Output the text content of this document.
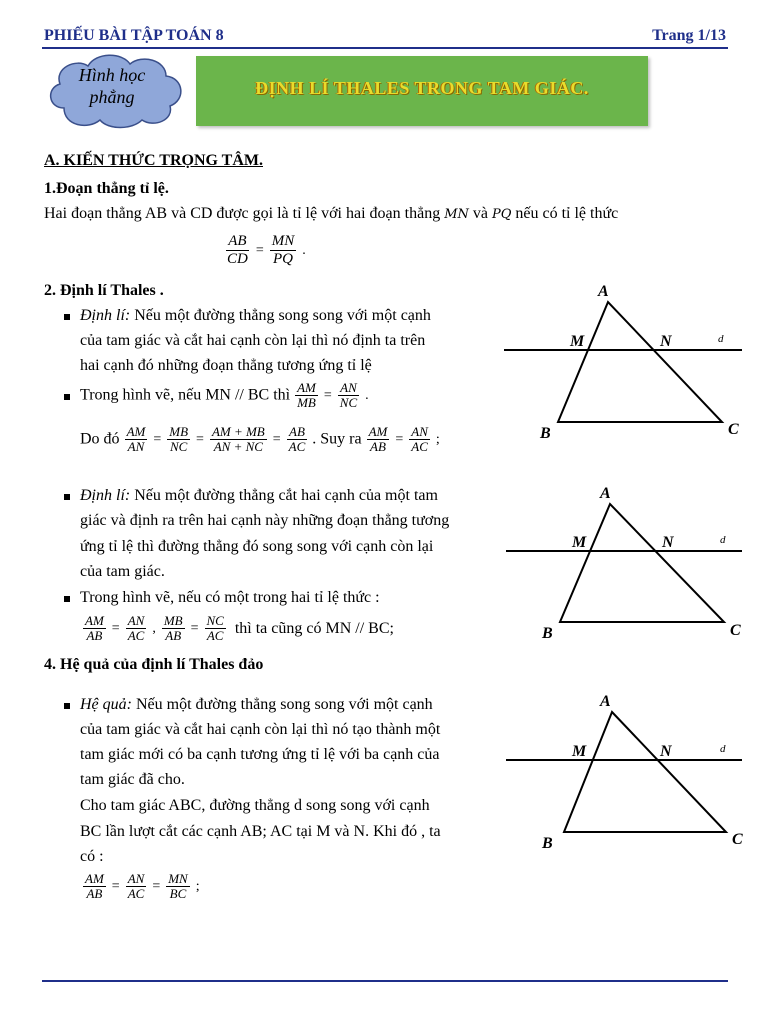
PHIẾU BÀI TẬP TOÁN 8	Trang 1/13
Hình học
phẳng	ĐỊNH LÍ THALES TRONG TAM GIÁC.
A. KIẾN THỨC TRỌNG TÂM.
1.Đoạn thẳng tỉ lệ.
Hai đoạn thẳng AB và CD được gọi là tỉ lệ với hai đoạn thẳng MN và PQ nếu có tỉ lệ thức
$\frac{AB}{CD} = \frac{MN}{PQ}$ .
2. Định lí Thales .
Định lí: Nếu một đường thẳng song song với một cạnh
của tam giác và cắt hai cạnh còn lại thì nó định ta trên
hai cạnh đó những đoạn thẳng tương ứng tỉ lệ
Trong hình vẽ, nếu MN // BC thì $\frac{AM}{MB} = \frac{AN}{NC}$ .
Do đó $\frac{AM}{AN} = \frac{MB}{NC} = \frac{AM + MB}{AN + NC} = \frac{AB}{AC}$ . Suy ra $\frac{AM}{AB} = \frac{AN}{AC}$ ;
Định lí: Nếu một đường thẳng cắt hai cạnh của một tam
giác và định ra trên hai cạnh này những đoạn thẳng tương
ứng tỉ lệ thì đường thẳng đó song song với cạnh còn lại
của tam giác.
Trong hình vẽ, nếu có một trong hai tỉ lệ thức :
$\frac{AM}{AB} = \frac{AN}{AC}$ , $\frac{MB}{AB} = \frac{NC}{AC}$ thì ta cũng có MN // BC;
4. Hệ quả của định lí Thales đảo
Hệ quả: Nếu một đường thẳng song song với một cạnh
của tam giác và cắt hai cạnh còn lại thì nó tạo thành một
tam giác mới có ba cạnh tương ứng tỉ lệ với ba cạnh của
tam giác đã cho.
Cho tam giác ABC, đường thẳng d song song với cạnh
BC lần lượt cắt các cạnh AB; AC tại M và N. Khi đó , ta
có :
$\frac{AM}{AB} = \frac{AN}{AC} = \frac{MN}{BC}$ ;
A
M	N	d
B	C
A
M	N	d
B	C
A
M	N	d
B	C
